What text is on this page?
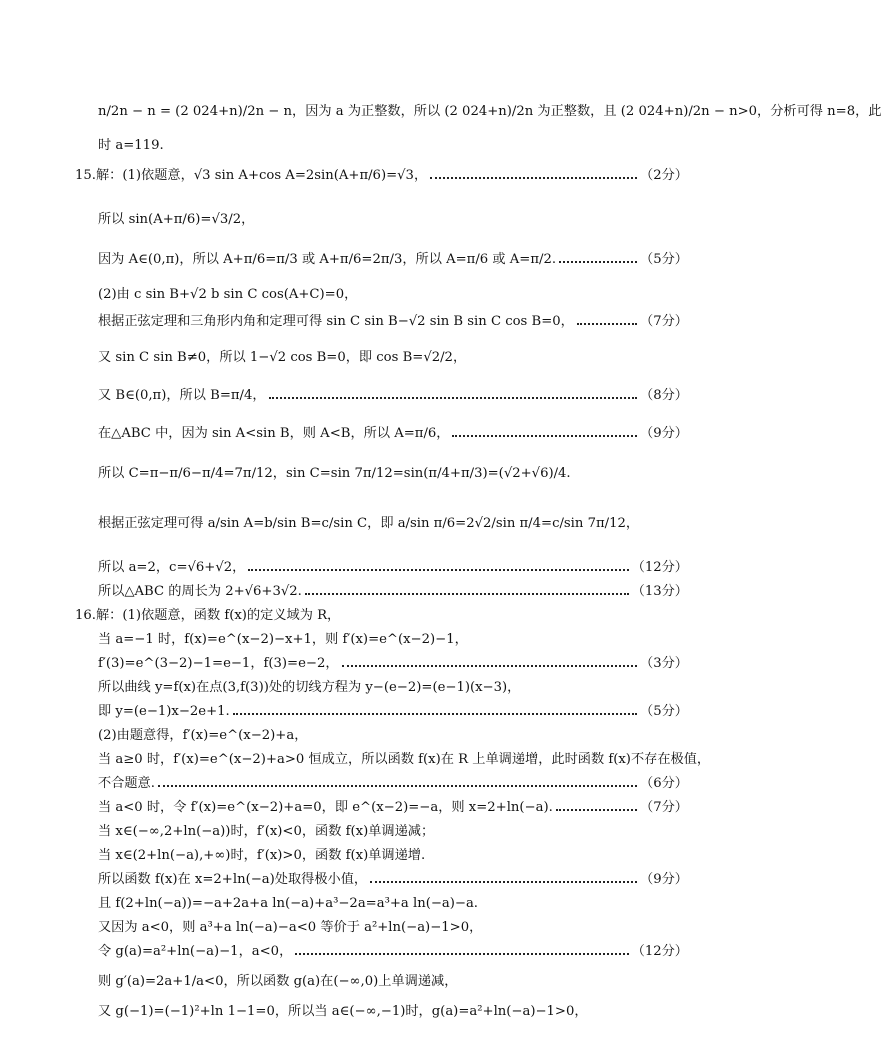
n/2n − n = (2 024+n)/2n − n，因为 a 为正整数，所以 (2 024+n)/2n 为正整数，且 (2 024+n)/2n − n>0，分析可得 n=8，此
时 a=119.
15.解：(1)依题意，√3 sin A+cos A=2sin(A+π/6)=√3，	（2分）
所以 sin(A+π/6)=√3/2，
因为 A∈(0,π)，所以 A+π/6=π/3 或 A+π/6=2π/3，所以 A=π/6 或 A=π/2.	（5分）
(2)由 c sin B+√2 b sin C cos(A+C)=0，
根据正弦定理和三角形内角和定理可得 sin C sin B−√2 sin B sin C cos B=0，	（7分）
又 sin C sin B≠0，所以 1−√2 cos B=0，即 cos B=√2/2，
又 B∈(0,π)，所以 B=π/4，	（8分）
在△ABC 中，因为 sin A<sin B，则 A<B，所以 A=π/6，	（9分）
所以 C=π−π/6−π/4=7π/12，sin C=sin 7π/12=sin(π/4+π/3)=(√2+√6)/4.
根据正弦定理可得 a/sin A=b/sin B=c/sin C，即 a/sin π/6=2√2/sin π/4=c/sin 7π/12，
所以 a=2，c=√6+√2，	（12分）
所以△ABC 的周长为 2+√6+3√2.	（13分）
16.解：(1)依题意，函数 f(x)的定义域为 R，
当 a=−1 时，f(x)=e^(x−2)−x+1，则 f′(x)=e^(x−2)−1，
f′(3)=e^(3−2)−1=e−1，f(3)=e−2，	（3分）
所以曲线 y=f(x)在点(3,f(3))处的切线方程为 y−(e−2)=(e−1)(x−3)，
即 y=(e−1)x−2e+1.	（5分）
(2)由题意得，f′(x)=e^(x−2)+a，
当 a≥0 时，f′(x)=e^(x−2)+a>0 恒成立，所以函数 f(x)在 R 上单调递增，此时函数 f(x)不存在极值，
不合题意.	（6分）
当 a<0 时，令 f′(x)=e^(x−2)+a=0，即 e^(x−2)=−a，则 x=2+ln(−a).	（7分）
当 x∈(−∞,2+ln(−a))时，f′(x)<0，函数 f(x)单调递减；
当 x∈(2+ln(−a),+∞)时，f′(x)>0，函数 f(x)单调递增.
所以函数 f(x)在 x=2+ln(−a)处取得极小值，	（9分）
且 f(2+ln(−a))=−a+2a+a ln(−a)+a³−2a=a³+a ln(−a)−a.
又因为 a<0，则 a³+a ln(−a)−a<0 等价于 a²+ln(−a)−1>0，
令 g(a)=a²+ln(−a)−1，a<0，	（12分）
则 g′(a)=2a+1/a<0，所以函数 g(a)在(−∞,0)上单调递减，
又 g(−1)=(−1)²+ln 1−1=0，所以当 a∈(−∞,−1)时，g(a)=a²+ln(−a)−1>0，
